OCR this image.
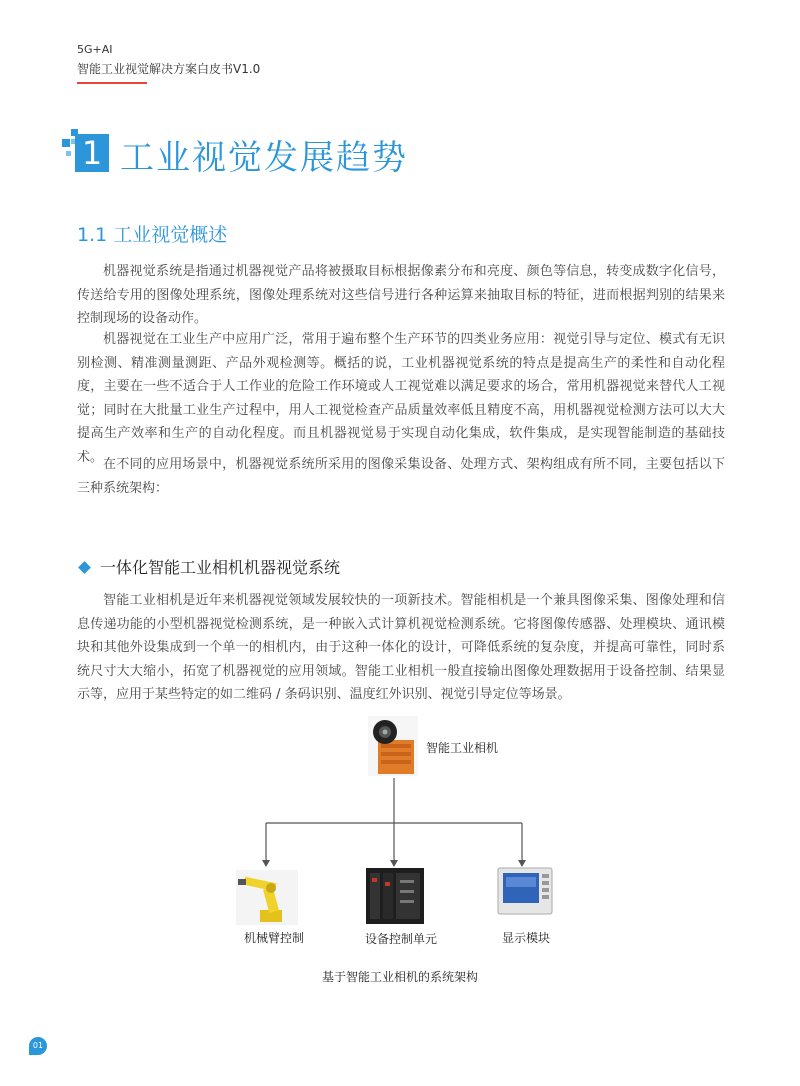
5G+AI
智能工业视觉解决方案白皮书V1.0
1 工业视觉发展趋势
1.1 工业视觉概述

机器视觉系统是指通过机器视觉产品将被摄取目标根据像素分布和亮度、颜色等信息，转变成数字化信号，传送给专用的图像处理系统，图像处理系统对这些信号进行各种运算来抽取目标的特征，进而根据判别的结果来控制现场的设备动作。

机器视觉在工业生产中应用广泛，常用于遍布整个生产环节的四类业务应用：视觉引导与定位、模式有无识别检测、精准测量测距、产品外观检测等。概括的说，工业机器视觉系统的特点是提高生产的柔性和自动化程度，主要在一些不适合于人工作业的危险工作环境或人工视觉难以满足要求的场合，常用机器视觉来替代人工视觉；同时在大批量工业生产过程中，用人工视觉检查产品质量效率低且精度不高，用机器视觉检测方法可以大大提高生产效率和生产的自动化程度。而且机器视觉易于实现自动化集成，软件集成，是实现智能制造的基础技术。 在不同的应用场景中，机器视觉系统所采用的图像采集设备、处理方式、架构组成有所不同，主要包括以下三种系统架构：

一体化智能工业相机机器视觉系统

智能工业相机是近年来机器视觉领域发展较快的一项新技术。智能相机是一个兼具图像采集、图像处理和信息传递功能的小型机器视觉检测系统，是一种嵌入式计算机视觉检测系统。它将图像传感器、处理模块、通讯模块和其他外设集成到一个单一的相机内，由于这种一体化的设计，可降低系统的复杂度，并提高可靠性，同时系统尺寸大大缩小，拓宽了机器视觉的应用领域。智能工业相机一般直接输出图像处理数据用于设备控制、结果显示等，应用于某些特定的如二维码 / 条码识别、温度红外识别、视觉引导定位等场景。

智能工业相机
机械臂控制	设备控制单元	显示模块
基于智能工业相机的系统架构
01
